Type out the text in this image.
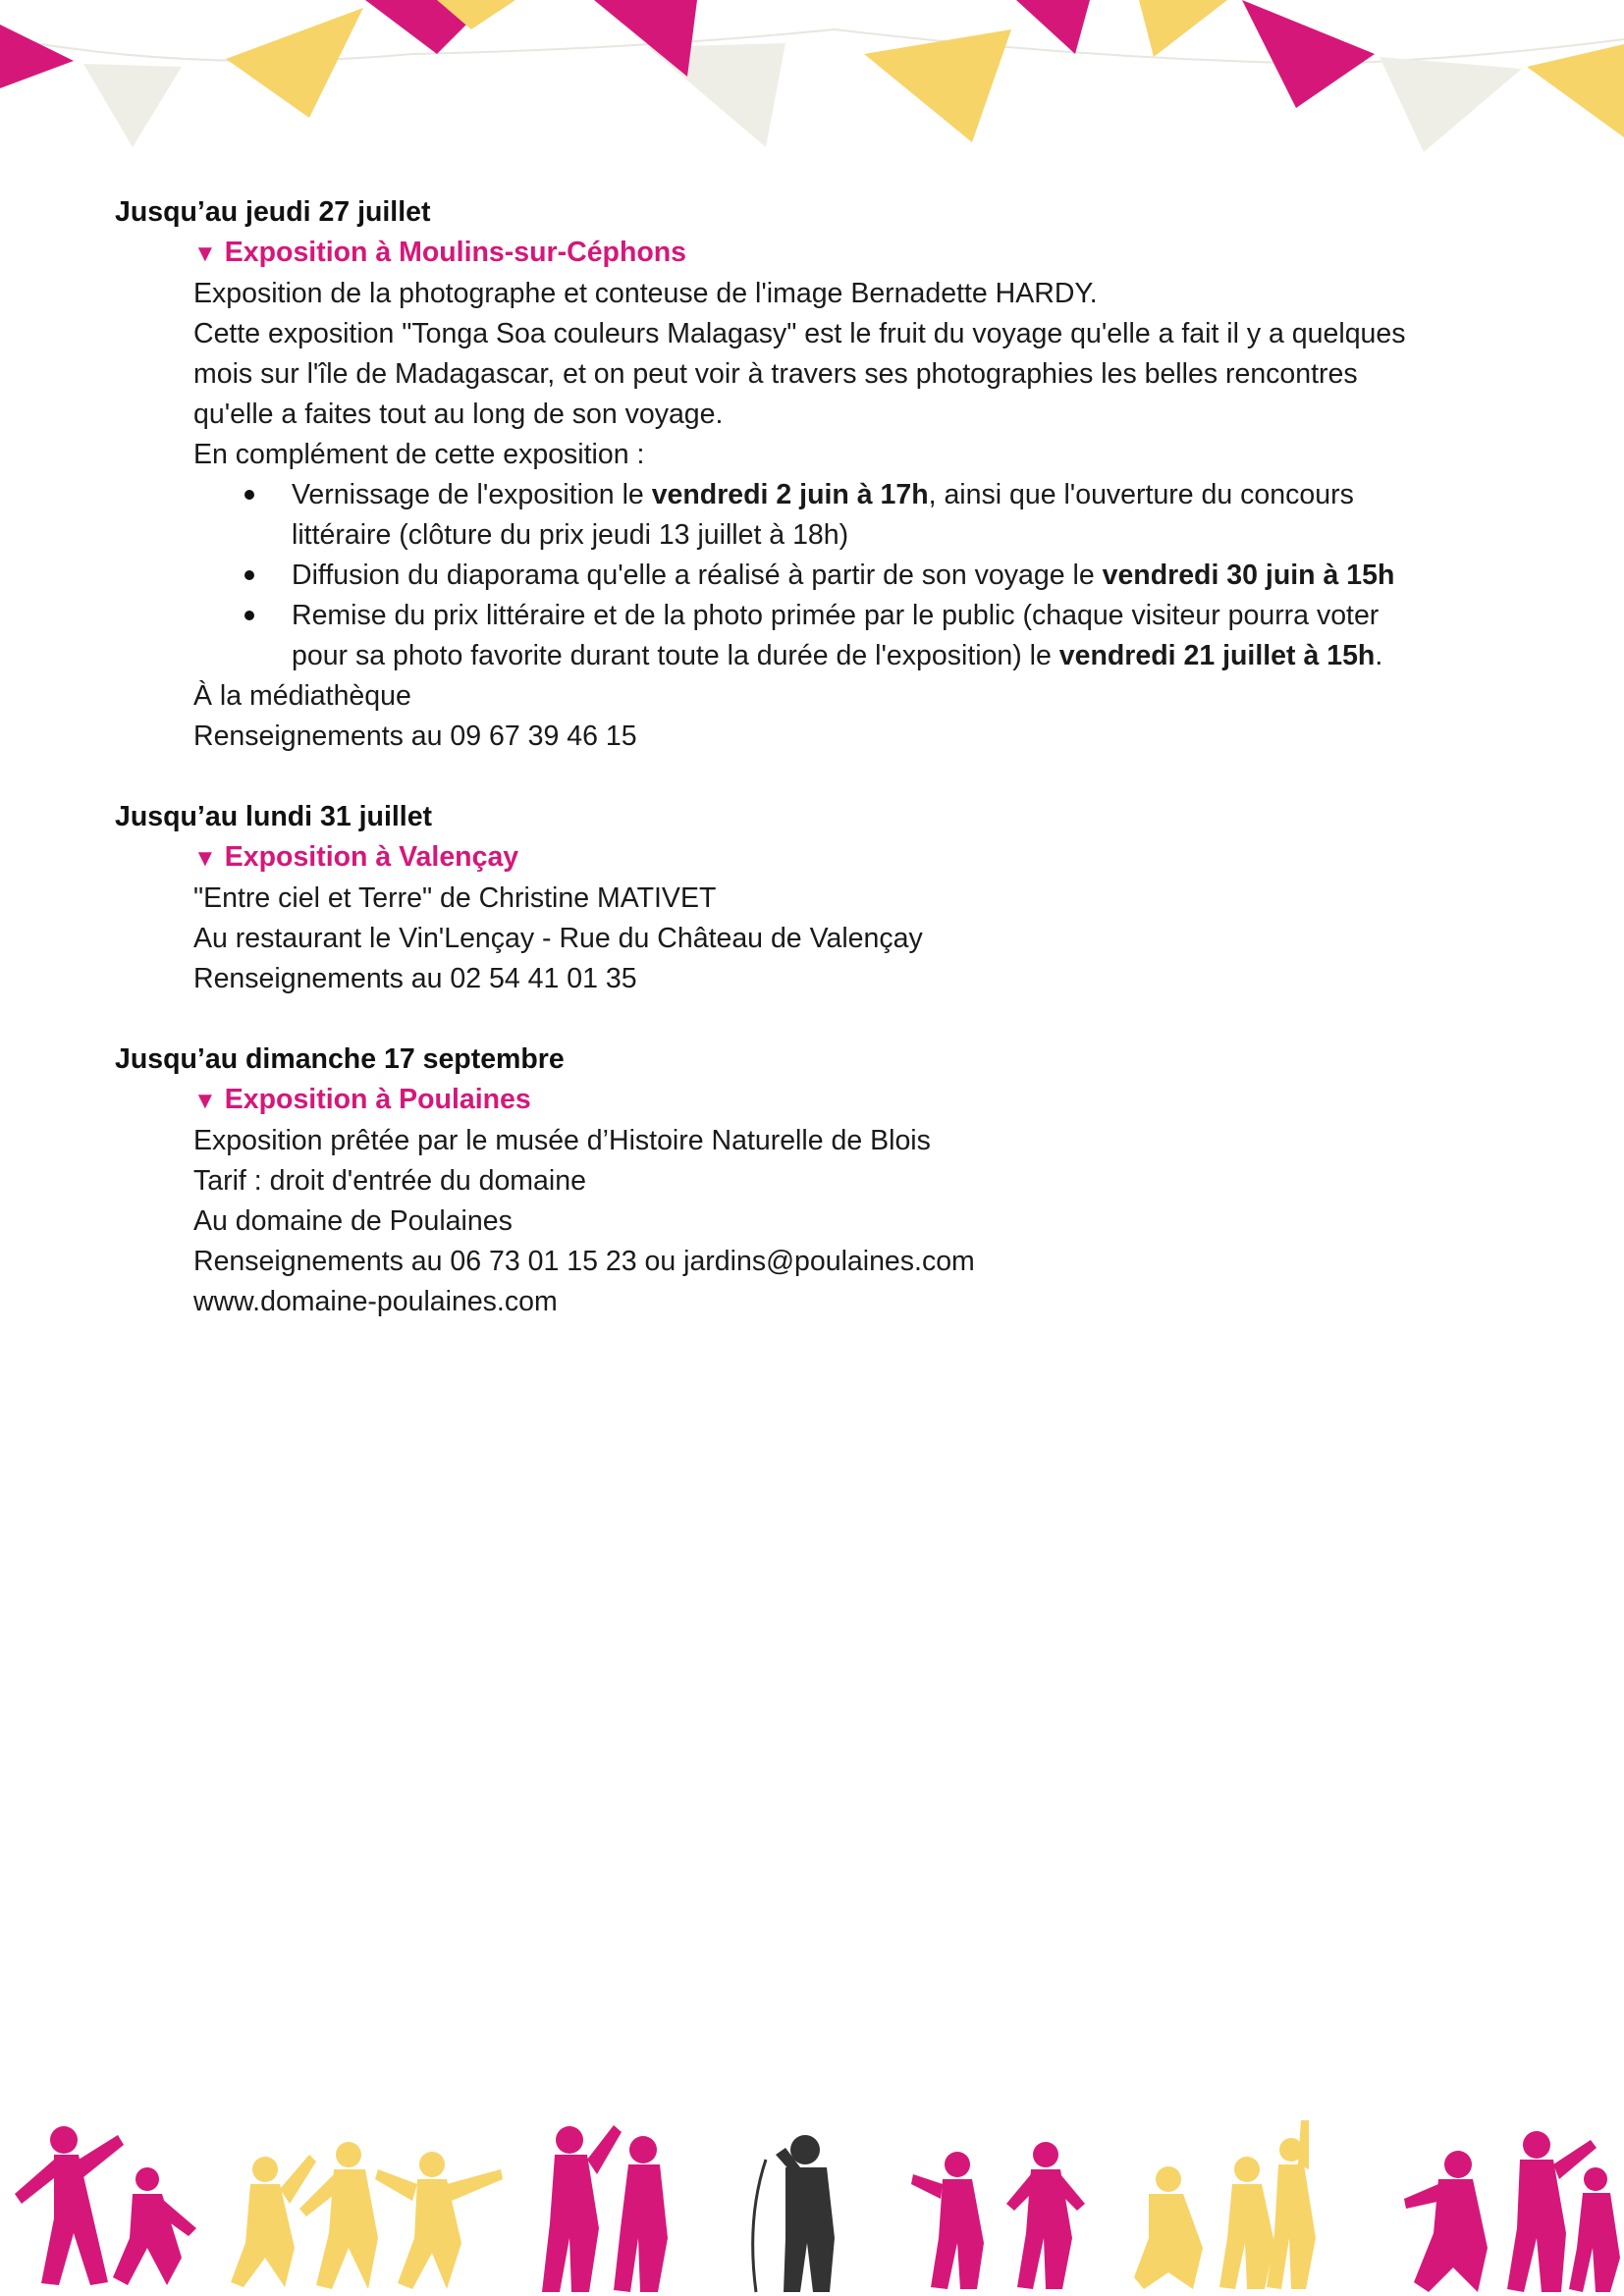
Jusqu’au jeudi 27 juillet
▼ Exposition à Moulins-sur-Céphons
Exposition de la photographe et conteuse de l'image Bernadette HARDY.
Cette exposition "Tonga Soa couleurs Malagasy" est le fruit du voyage qu'elle a fait il y a quelques mois sur l'île de Madagascar, et on peut voir à travers ses photographies les belles rencontres qu'elle a faites tout au long de son voyage.
En complément de cette exposition :
Vernissage de l'exposition le vendredi 2 juin à 17h, ainsi que l'ouverture du concours littéraire (clôture du prix jeudi 13 juillet à 18h)
Diffusion du diaporama qu'elle a réalisé à partir de son voyage le vendredi 30 juin à 15h
Remise du prix littéraire et de la photo primée par le public (chaque visiteur pourra voter pour sa photo favorite durant toute la durée de l'exposition) le vendredi 21 juillet à 15h.
À la médiathèque
Renseignements au 09 67 39 46 15
Jusqu’au lundi 31 juillet
▼ Exposition à Valençay
"Entre ciel et Terre" de Christine MATIVET
Au restaurant le Vin'Lençay - Rue du Château de Valençay
Renseignements au 02 54 41 01 35
Jusqu’au dimanche 17 septembre
▼ Exposition à Poulaines
Exposition prêtée par le musée d’Histoire Naturelle de Blois
Tarif : droit d'entrée du domaine
Au domaine de Poulaines
Renseignements au 06 73 01 15 23 ou jardins@poulaines.com
www.domaine-poulaines.com
